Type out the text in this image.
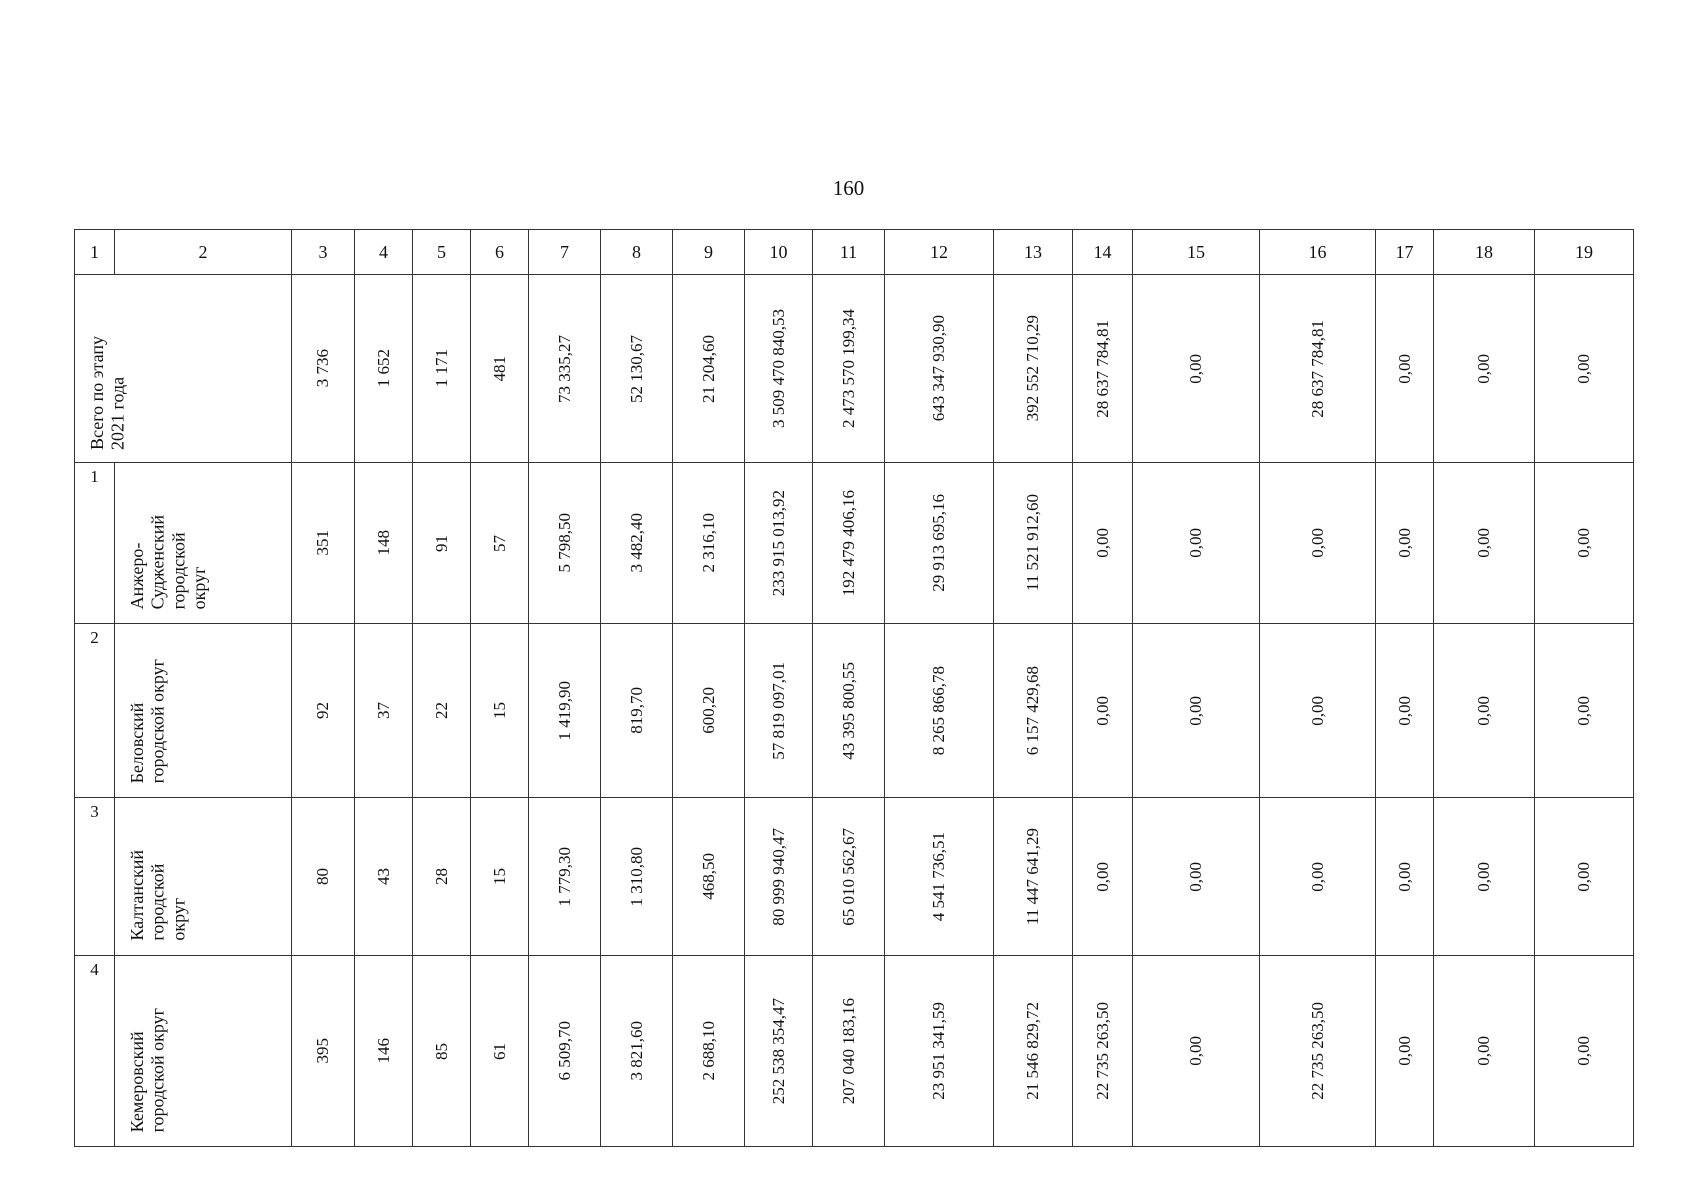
160
1	2	3	4	5	6	7	8	9	10	11	12	13	14	15	16	17	18	19

Всего по этапу
2021 года		3 736	1 652	1 171	481	73 335,27	52 130,67	21 204,60	3 509 470 840,53	2 473 570 199,34	643 347 930,90	392 552 710,29	28 637 784,81	0,00	28 637 784,81	0,00	0,00	0,00

1	Анжеро-
Судженский
городской
округ	351	148	91	57	5 798,50	3 482,40	2 316,10	233 915 013,92	192 479 406,16	29 913 695,16	11 521 912,60	0,00	0,00	0,00	0,00	0,00	0,00

2	Беловский
городской округ	92	37	22	15	1 419,90	819,70	600,20	57 819 097,01	43 395 800,55	8 265 866,78	6 157 429,68	0,00	0,00	0,00	0,00	0,00	0,00

3	Калтанский
городской
округ	80	43	28	15	1 779,30	1 310,80	468,50	80 999 940,47	65 010 562,67	4 541 736,51	11 447 641,29	0,00	0,00	0,00	0,00	0,00	0,00

4	Кемеровский
городской округ	395	146	85	61	6 509,70	3 821,60	2 688,10	252 538 354,47	207 040 183,16	23 951 341,59	21 546 829,72	22 735 263,50	0,00	22 735 263,50	0,00	0,00	0,00
